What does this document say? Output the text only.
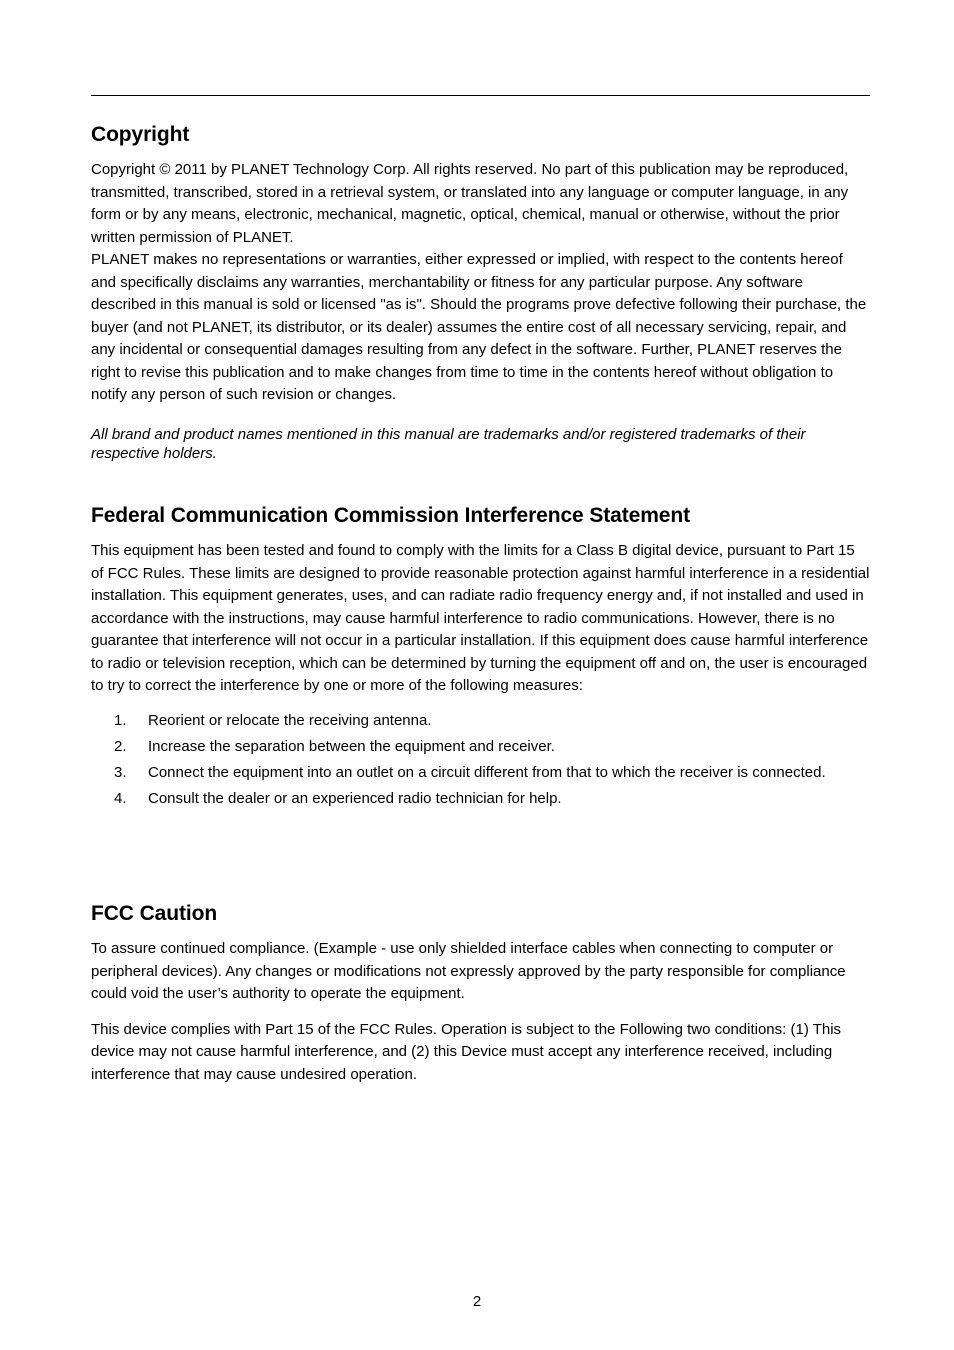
Copyright

Copyright © 2011 by PLANET Technology Corp. All rights reserved. No part of this publication may be reproduced, transmitted, transcribed, stored in a retrieval system, or translated into any language or computer language, in any form or by any means, electronic, mechanical, magnetic, optical, chemical, manual or otherwise, without the prior written permission of PLANET.

PLANET makes no representations or warranties, either expressed or implied, with respect to the contents hereof and specifically disclaims any warranties, merchantability or fitness for any particular purpose. Any software described in this manual is sold or licensed "as is". Should the programs prove defective following their purchase, the buyer (and not PLANET, its distributor, or its dealer) assumes the entire cost of all necessary servicing, repair, and any incidental or consequential damages resulting from any defect in the software. Further, PLANET reserves the right to revise this publication and to make changes from time to time in the contents hereof without obligation to notify any person of such revision or changes.

All brand and product names mentioned in this manual are trademarks and/or registered trademarks of their respective holders.

Federal Communication Commission Interference Statement

This equipment has been tested and found to comply with the limits for a Class B digital device, pursuant to Part 15 of FCC Rules. These limits are designed to provide reasonable protection against harmful interference in a residential installation. This equipment generates, uses, and can radiate radio frequency energy and, if not installed and used in accordance with the instructions, may cause harmful interference to radio communications. However, there is no guarantee that interference will not occur in a particular installation. If this equipment does cause harmful interference to radio or television reception, which can be determined by turning the equipment off and on, the user is encouraged to try to correct the interference by one or more of the following measures:

1. Reorient or relocate the receiving antenna.
2. Increase the separation between the equipment and receiver.
3. Connect the equipment into an outlet on a circuit different from that to which the receiver is connected.
4. Consult the dealer or an experienced radio technician for help.
FCC Caution

To assure continued compliance. (Example - use only shielded interface cables when connecting to computer or peripheral devices). Any changes or modifications not expressly approved by the party responsible for compliance could void the user’s authority to operate the equipment.

This device complies with Part 15 of the FCC Rules. Operation is subject to the Following two conditions: (1) This device may not cause harmful interference, and (2) this Device must accept any interference received, including interference that may cause undesired operation.

2
